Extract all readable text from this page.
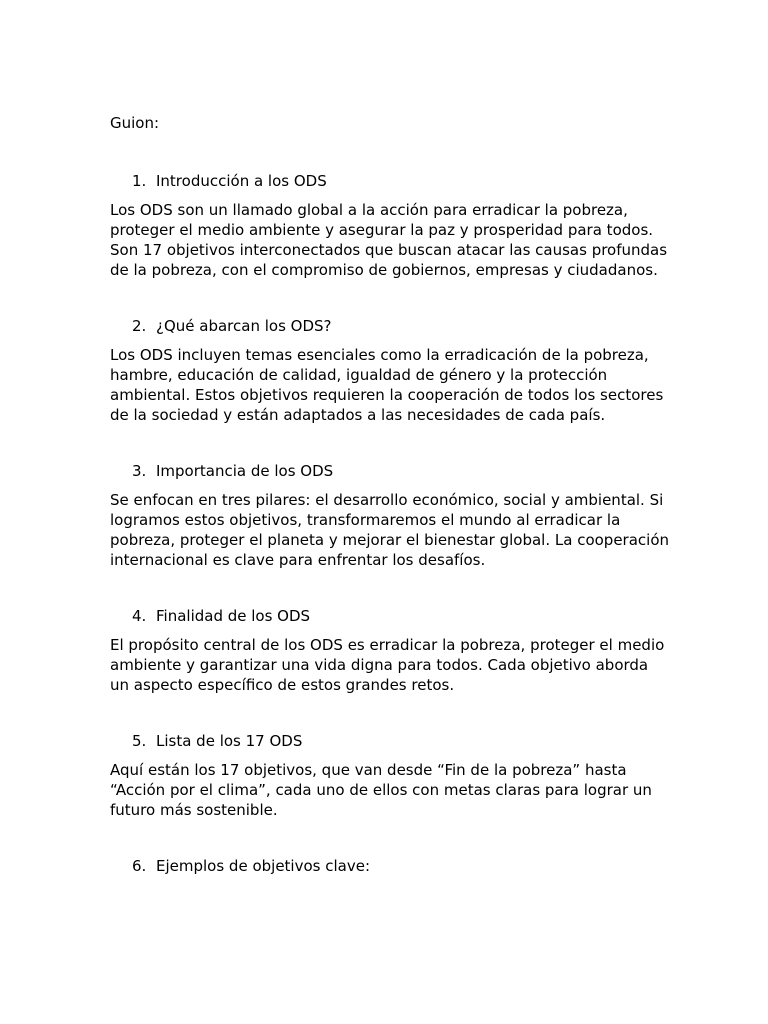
Guion:

1. Introducción a los ODS

Los ODS son un llamado global a la acción para erradicar la pobreza, proteger el medio ambiente y asegurar la paz y prosperidad para todos. Son 17 objetivos interconectados que buscan atacar las causas profundas de la pobreza, con el compromiso de gobiernos, empresas y ciudadanos.

2. ¿Qué abarcan los ODS?

Los ODS incluyen temas esenciales como la erradicación de la pobreza, hambre, educación de calidad, igualdad de género y la protección ambiental. Estos objetivos requieren la cooperación de todos los sectores de la sociedad y están adaptados a las necesidades de cada país.

3. Importancia de los ODS

Se enfocan en tres pilares: el desarrollo económico, social y ambiental. Si logramos estos objetivos, transformaremos el mundo al erradicar la pobreza, proteger el planeta y mejorar el bienestar global. La cooperación internacional es clave para enfrentar los desafíos.

4. Finalidad de los ODS

El propósito central de los ODS es erradicar la pobreza, proteger el medio ambiente y garantizar una vida digna para todos. Cada objetivo aborda un aspecto específico de estos grandes retos.

5. Lista de los 17 ODS

Aquí están los 17 objetivos, que van desde “Fin de la pobreza” hasta “Acción por el clima”, cada uno de ellos con metas claras para lograr un futuro más sostenible.

6. Ejemplos de objetivos clave:
